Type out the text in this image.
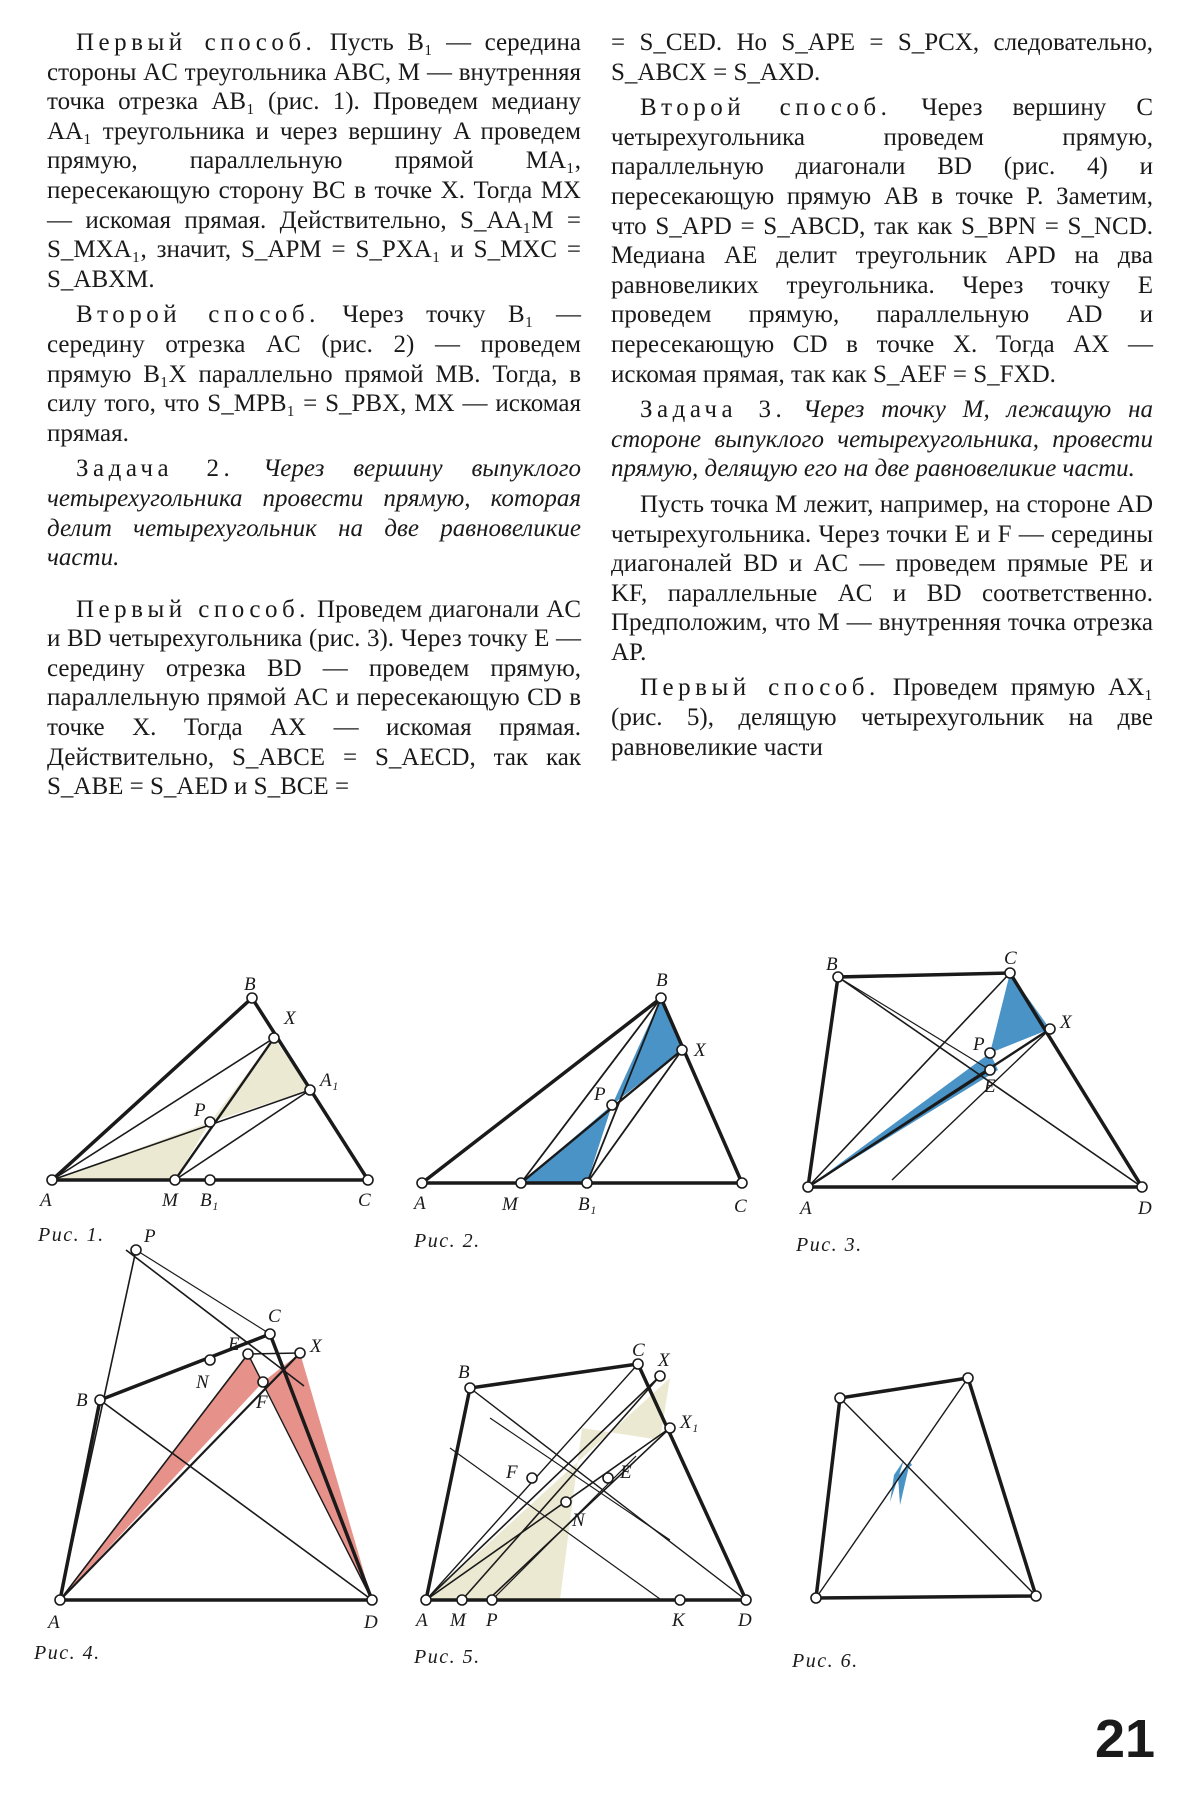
Первый способ. Пусть B₁ — середина стороны AC треугольника ABC, M — внутренняя точка отрезка AB₁ (рис. 1). Проведем медиану AA₁ треугольника и через вершину A проведем прямую, параллельную прямой MA₁, пересекающую сторону BC в точке X. Тогда MX — искомая прямая. Действительно, S_AA₁M = S_MXA₁, значит, S_APM = S_PXA₁ и S_MXC = S_ABXM.

Второй способ. Через точку B₁ — середину отрезка AC (рис. 2) — проведем прямую B₁X параллельно прямой MB. Тогда, в силу того, что S_MPB₁ = S_PBX, MX — искомая прямая.

Задача 2. Через вершину выпуклого четырехугольника провести прямую, которая делит четырехугольник на две равновеликие части.

Первый способ. Проведем диагонали AC и BD четырехугольника (рис. 3). Через точку E — середину отрезка BD — проведем прямую, параллельную прямой AC и пересекающую CD в точке X. Тогда AX — искомая прямая. Действительно, S_ABCE = S_AECD, так как S_ABE = S_AED и S_BCE =

= S_CED. Но S_APE = S_PCX, следовательно, S_ABCX = S_AXD.

Второй способ. Через вершину C четырехугольника проведем прямую, параллельную диагонали BD (рис. 4) и пересекающую прямую AB в точке P. Заметим, что S_APD = S_ABCD, так как S_BPN = S_NCD. Медиана AE делит треугольник APD на два равновеликих треугольника. Через точку E проведем прямую, параллельную AD и пересекающую CD в точке X. Тогда AX — искомая прямая, так как S_AEF = S_FXD.

Задача 3. Через точку M, лежащую на стороне выпуклого четырехугольника, провести прямую, делящую его на две равновеликие части.

Пусть точка M лежит, например, на стороне AD четырехугольника. Через точки E и F — середины диагоналей BD и AC — проведем прямые PE и KF, параллельные AC и BD соответственно. Предположим, что M — внутренняя точка отрезка AP.

Первый способ. Проведем прямую AX₁ (рис. 5), делящую четырехугольник на две равновеликие части

A
B
C
X
A₁
P
M B₁
Рис. 1.
A
B
C
X
P
M	B₁
Рис. 2.
A
B	C
D
X
P
E
Рис. 3.
P
C
N
B
E	X
F
A	D
Рис. 4.
B
C X
X₁
F	E
N
A M P	K	D
Рис. 5.	Рис. 6.
21
